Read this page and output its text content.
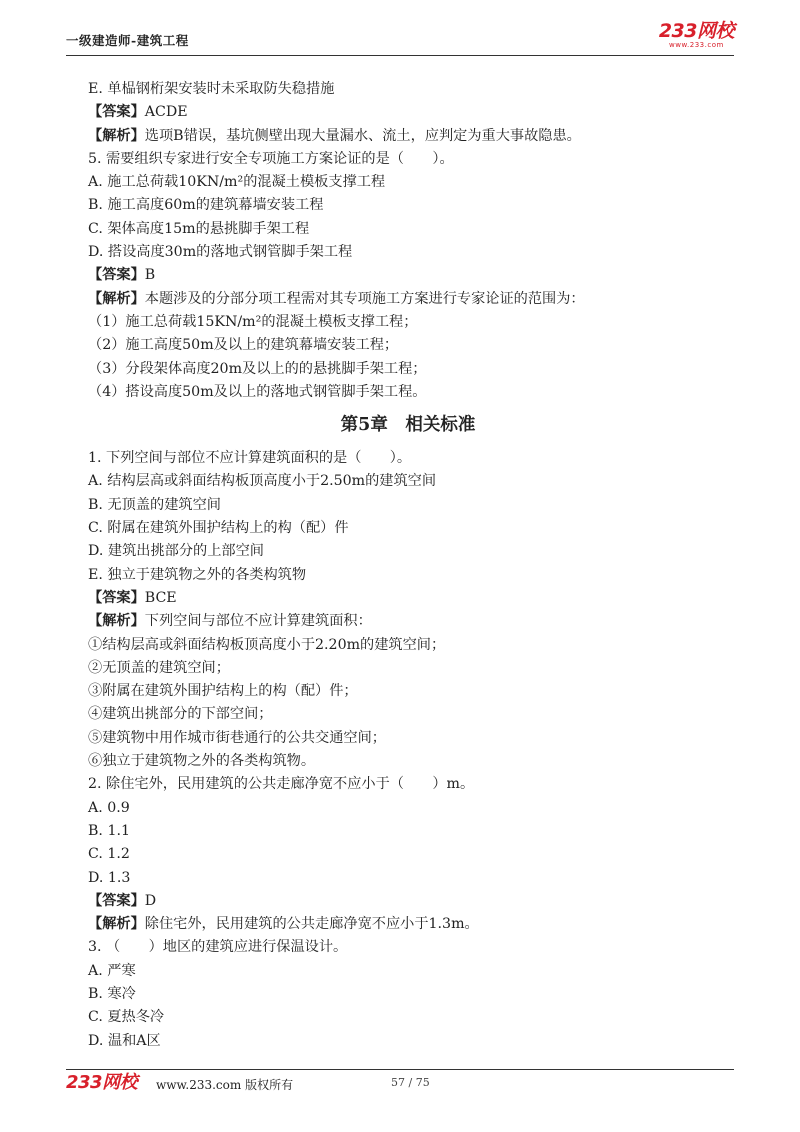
一级建造师-建筑工程	233网校
www.233.com
E. 单榀钢桁架安装时未采取防失稳措施
【答案】ACDE
【解析】选项B错误，基坑侧壁出现大量漏水、流土，应判定为重大事故隐患。
5. 需要组织专家进行安全专项施工方案论证的是（　　）。
A. 施工总荷载10KN/m²的混凝土模板支撑工程
B. 施工高度60m的建筑幕墙安装工程
C. 架体高度15m的悬挑脚手架工程
D. 搭设高度30m的落地式钢管脚手架工程
【答案】B
【解析】本题涉及的分部分项工程需对其专项施工方案进行专家论证的范围为：
（1）施工总荷载15KN/m²的混凝土模板支撑工程；
（2）施工高度50m及以上的建筑幕墙安装工程；
（3）分段架体高度20m及以上的的悬挑脚手架工程；
（4）搭设高度50m及以上的落地式钢管脚手架工程。
第5章　相关标准
1. 下列空间与部位不应计算建筑面积的是（　　）。
A. 结构层高或斜面结构板顶高度小于2.50m的建筑空间
B. 无顶盖的建筑空间
C. 附属在建筑外围护结构上的构（配）件
D. 建筑出挑部分的上部空间
E. 独立于建筑物之外的各类构筑物
【答案】BCE
【解析】下列空间与部位不应计算建筑面积：
①结构层高或斜面结构板顶高度小于2.20m的建筑空间；
②无顶盖的建筑空间；
③附属在建筑外围护结构上的构（配）件；
④建筑出挑部分的下部空间；
⑤建筑物中用作城市街巷通行的公共交通空间；
⑥独立于建筑物之外的各类构筑物。
2. 除住宅外，民用建筑的公共走廊净宽不应小于（　　）m。
A. 0.9
B. 1.1
C. 1.2
D. 1.3
【答案】D
【解析】除住宅外，民用建筑的公共走廊净宽不应小于1.3m。
3. （　　）地区的建筑应进行保温设计。
A. 严寒
B. 寒冷
C. 夏热冬冷
D. 温和A区
233网校 www.233.com 版权所有	57 / 75
